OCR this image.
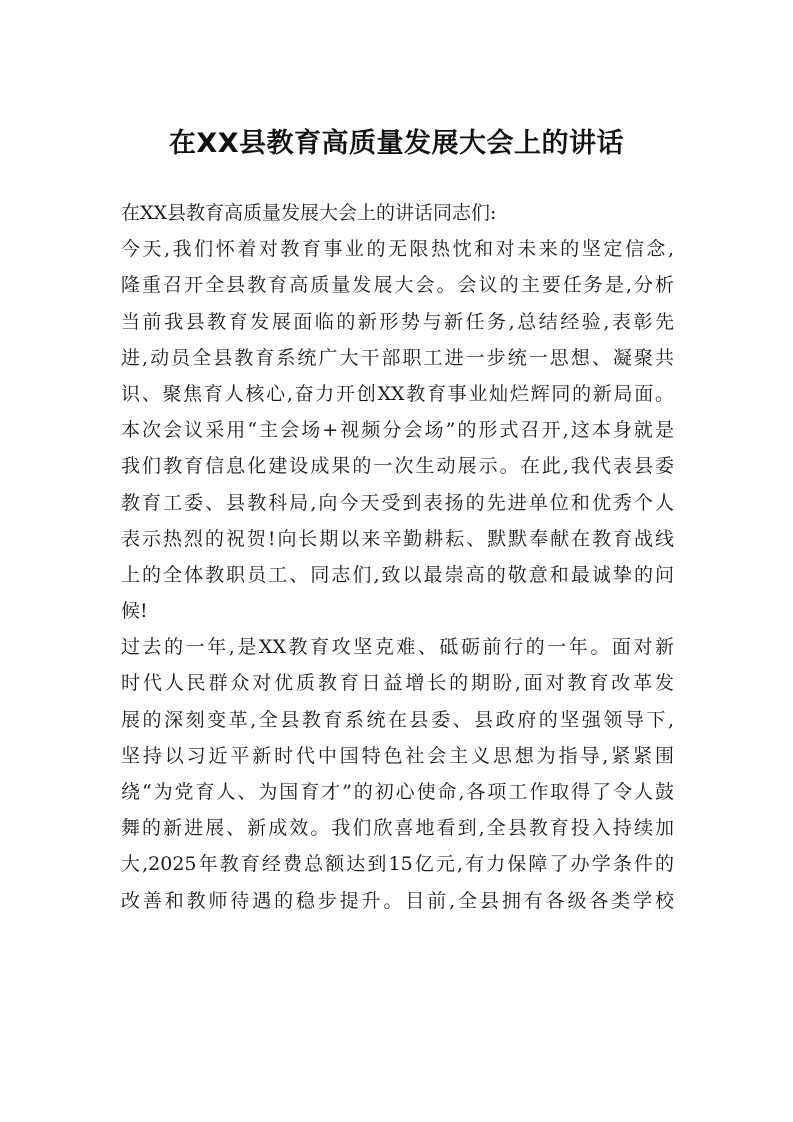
在XX县教育高质量发展大会上的讲话
在XX县教育高质量发展大会上的讲话同志们:
今天,我们怀着对教育事业的无限热忱和对未来的坚定信念,
隆重召开全县教育高质量发展大会。会议的主要任务是,分析
当前我县教育发展面临的新形势与新任务,总结经验,表彰先
进,动员全县教育系统广大干部职工进一步统一思想、凝聚共
识、聚焦育人核心,奋力开创XX教育事业灿烂辉同的新局面。
本次会议采用“主会场+视频分会场”的形式召开,这本身就是
我们教育信息化建设成果的一次生动展示。在此,我代表县委
教育工委、县教科局,向今天受到表扬的先进单位和优秀个人
表示热烈的祝贺!向长期以来辛勤耕耘、默默奉献在教育战线
上的全体教职员工、同志们,致以最崇高的敬意和最诚挚的问
候!
过去的一年,是XX教育攻坚克难、砥砺前行的一年。面对新
时代人民群众对优质教育日益增长的期盼,面对教育改革发
展的深刻变革,全县教育系统在县委、县政府的坚强领导下,
坚持以习近平新时代中国特色社会主义思想为指导,紧紧围
绕“为党育人、为国育才”的初心使命,各项工作取得了令人鼓
舞的新进展、新成效。我们欣喜地看到,全县教育投入持续加
大,2025年教育经费总额达到15亿元,有力保障了办学条件的
改善和教师待遇的稳步提升。目前,全县拥有各级各类学校
